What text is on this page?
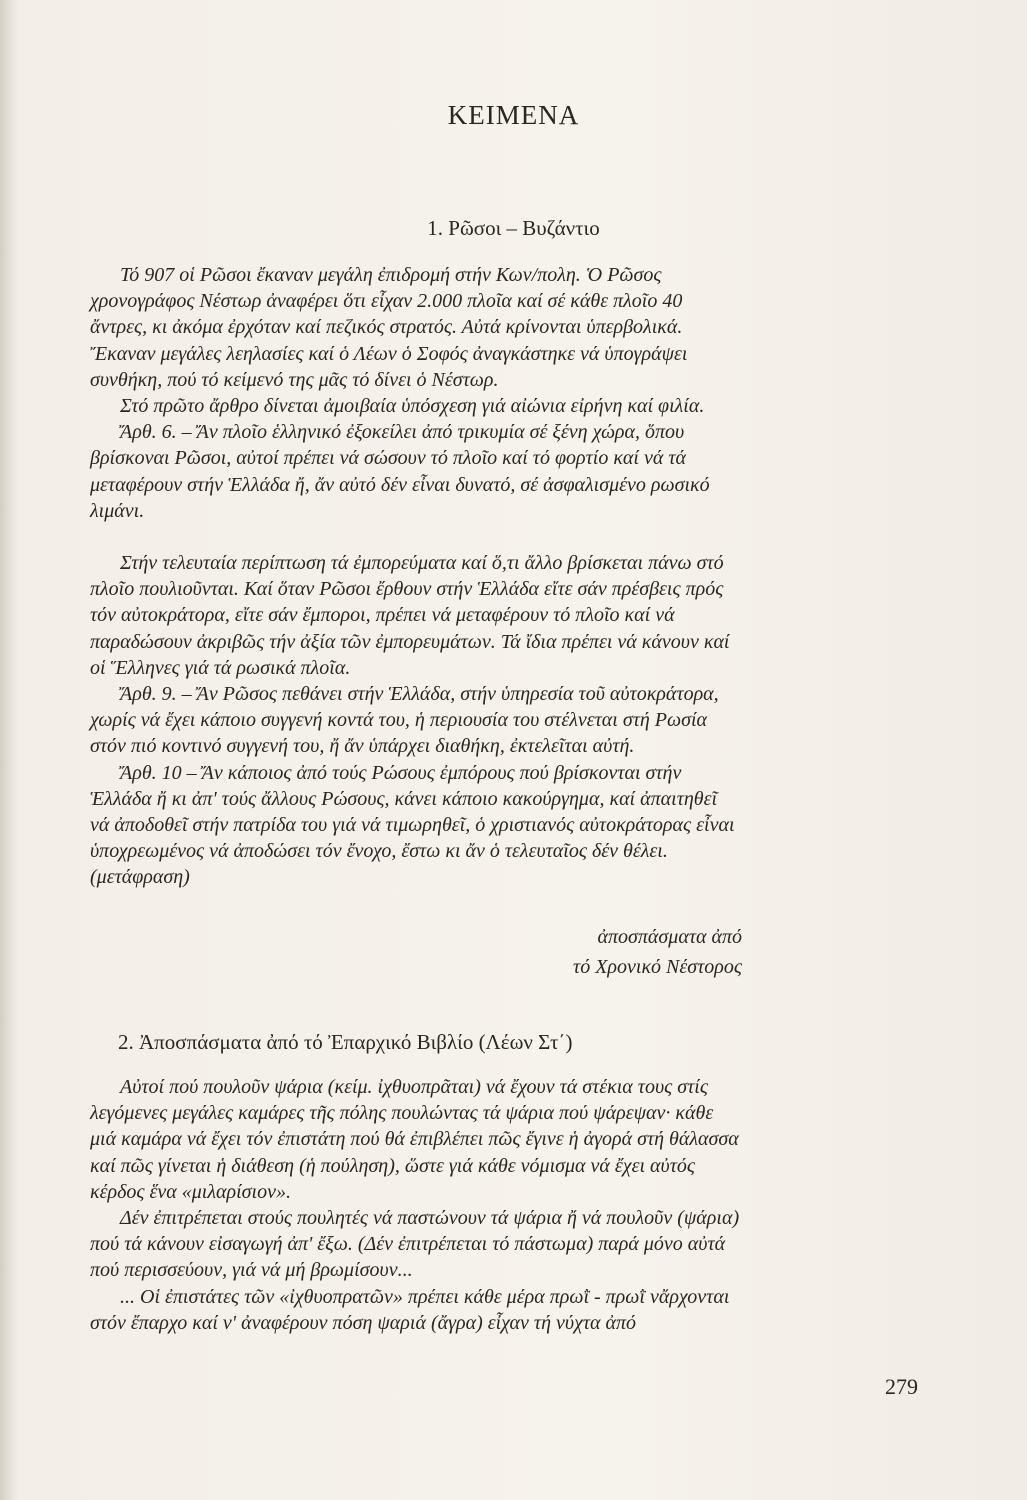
ΚΕΙΜΕΝΑ
1. Ρῶσοι – Βυζάντιο

Τό 907 οἱ Ρῶσοι ἔκαναν μεγάλη ἐπιδρομή στήν Κων/πολη. Ὁ Ρῶσος χρονογράφος Νέστωρ ἀναφέρει ὅτι εἶχαν 2.000 πλοῖα καί σέ κάθε πλοῖο 40 ἄντρες, κι ἀκόμα ἐρχόταν καί πεζικός στρατός. Αὐτά κρίνονται ὑπερβολικά. Ἔκαναν μεγάλες λεηλασίες καί ὁ Λέων ὁ Σοφός ἀναγκάστηκε νά ὑπογράψει συνθήκη, πού τό κείμενό της μᾶς τό δίνει ὁ Νέστωρ.

Στό πρῶτο ἄρθρο δίνεται ἀμοιβαία ὑπόσχεση γιά αἰώνια εἰρήνη καί φιλία.

Ἄρθ. 6. – Ἄν πλοῖο ἑλληνικό ἐξοκείλει ἀπό τρικυμία σέ ξένη χώρα, ὅπου βρίσκοναι Ρῶσοι, αὐτοί πρέπει νά σώσουν τό πλοῖο καί τό φορτίο καί νά τά μεταφέρουν στήν Ἑλλάδα ἤ, ἄν αὐτό δέν εἶναι δυνατό, σέ ἀσφαλισμένο ρωσικό λιμάνι.

Στήν τελευταία περίπτωση τά ἐμπορεύματα καί ὅ,τι ἄλλο βρίσκεται πάνω στό πλοῖο πουλιοῦνται. Καί ὅταν Ρῶσοι ἔρθουν στήν Ἑλλάδα εἴτε σάν πρέσβεις πρός τόν αὐτοκράτορα, εἴτε σάν ἔμποροι, πρέπει νά μεταφέρουν τό πλοῖο καί νά παραδώσουν ἀκριβῶς τήν ἀξία τῶν ἐμπορευμάτων. Τά ἴδια πρέπει νά κάνουν καί οἱ Ἕλληνες γιά τά ρωσικά πλοῖα.

Ἄρθ. 9. – Ἄν Ρῶσος πεθάνει στήν Ἑλλάδα, στήν ὑπηρεσία τοῦ αὐτοκράτορα, χωρίς νά ἔχει κάποιο συγγενή κοντά του, ἡ περιουσία του στέλνεται στή Ρωσία στόν πιό κοντινό συγγενή του, ἤ ἄν ὑπάρχει διαθήκη, ἐκτελεῖται αὐτή.

Ἄρθ. 10 – Ἄν κάποιος ἀπό τούς Ρώσους ἐμπόρους πού βρίσκονται στήν Ἑλλάδα ἤ κι ἀπ' τούς ἄλλους Ρώσους, κάνει κάποιο κακούργημα, καί ἀπαιτηθεῖ νά ἀποδοθεῖ στήν πατρίδα του γιά νά τιμωρηθεῖ, ὁ χριστιανός αὐτοκράτορας εἶναι ὑποχρεωμένος νά ἀποδώσει τόν ἔνοχο, ἔστω κι ἄν ὁ τελευταῖος δέν θέλει. (μετάφραση)

ἀποσπάσματα ἀπό
τό Χρονικό Νέστορος
2. Ἀποσπάσματα ἀπό τό Ἐπαρχικό Βιβλίο (Λέων Στ΄)

Αὐτοί πού πουλοῦν ψάρια (κείμ. ἰχθυοπρᾶται) νά ἔχουν τά στέκια τους στίς λεγόμενες μεγάλες καμάρες τῆς πόλης πουλώντας τά ψάρια πού ψάρεψαν· κάθε μιά καμάρα νά ἔχει τόν ἐπιστάτη πού θά ἐπιβλέπει πῶς ἔγινε ἡ ἀγορά στή θάλασσα καί πῶς γίνεται ἡ διάθεση (ἡ πούληση), ὥστε γιά κάθε νόμισμα νά ἔχει αὐτός κέρδος ἕνα «μιλαρίσιον».

Δέν ἐπιτρέπεται στούς πουλητές νά παστώνουν τά ψάρια ἤ νά πουλοῦν (ψάρια) πού τά κάνουν εἰσαγωγή ἀπ' ἔξω. (Δέν ἐπιτρέπεται τό πάστωμα) παρά μόνο αὐτά πού περισσεύουν, γιά νά μή βρωμίσουν...

... Οἱ ἐπιστάτες τῶν «ἰχθυοπρατῶν» πρέπει κάθε μέρα πρωῒ - πρωῒ νἄρχονται στόν ἔπαρχο καί ν' ἀναφέρουν πόση ψαριά (ἄγρα) εἶχαν τή νύχτα ἀπό

279
